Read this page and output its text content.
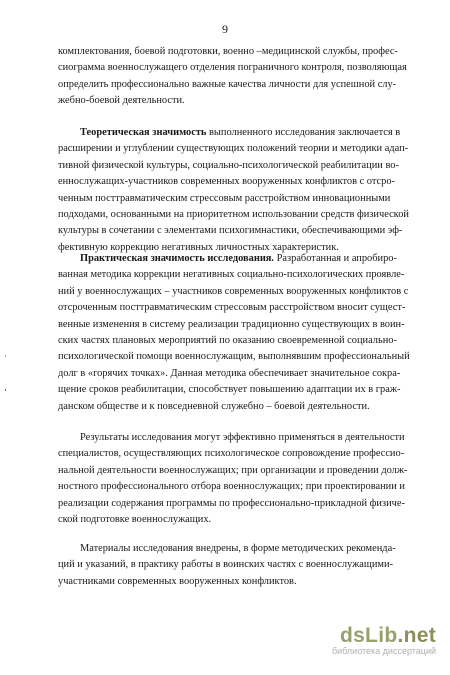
9
·

ʻ
комплектования, боевой подготовки, военно –медицинской службы, профес-
сиограмма военнослужащего отделения пограничного контроля, позволяющая
определить профессионально важные качества личности для успешной слу-
жебно-боевой деятельности.
Теоретическая значимость выполненного исследования заключается в
расширении и углублении существующих положений теории и методики адап-
тивной физической культуры, социально-психологической реабилитации во-
еннослужащих-участников современных вооруженных конфликтов с отсро-
ченным посттравматическим стрессовым расстройством инновационными
подходами, основанными на приоритетном использовании средств физической
культуры в сочетании с элементами психогимнастики, обеспечивающими эф-
фективную коррекцию негативных личностных характеристик.
Практическая значимость исследования. Разработанная и апробиро-
ванная методика коррекции негативных социально-психологических проявле-
ний у военнослужащих – участников современных вооруженных конфликтов с
отсроченным посттравматическим стрессовым расстройством вносит сущест-
венные изменения в систему реализации традиционно существующих в воин-
ских частях плановых мероприятий по оказанию своевременной социально-
психологической помощи военнослужащим, выполнявшим профессиональный
долг в «горячих точках». Данная методика обеспечивает значительное сокра-
щение сроков реабилитации, способствует повышению адаптации их в граж-
данском обществе и к повседневной служебно – боевой деятельности.
Результаты исследования могут эффективно применяться в деятельности
специалистов, осуществляющих психологическое сопровождение профессио-
нальной деятельности военнослужащих; при организации и проведении долж-
ностного профессионального отбора военнослужащих; при проектировании и
реализации содержания программы по профессионально-прикладной физиче-
ской подготовке военнослужащих.
Материалы исследования внедрены, в форме методических рекоменда-
ций и указаний, в практику работы в воинских частях с военнослужащими-
участниками современных вооруженных конфликтов.
dsLib.net
библиотека диссертаций
